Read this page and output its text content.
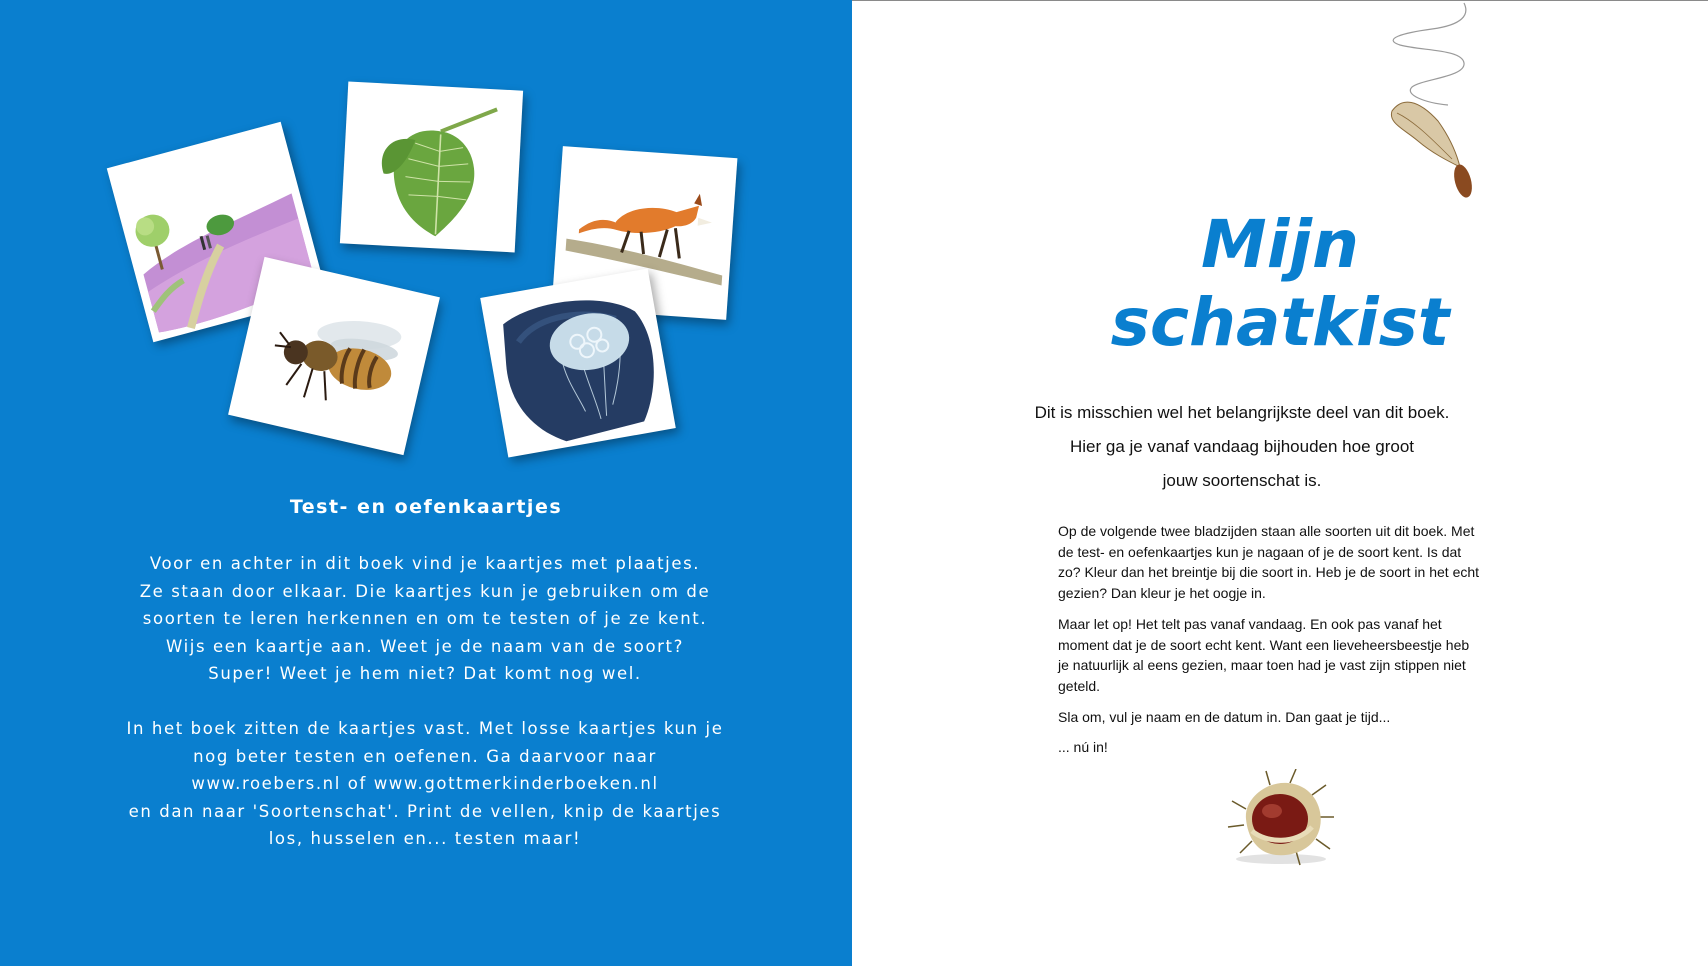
Test- en oefenkaartjes
Voor en achter in dit boek vind je kaartjes met plaatjes.
Ze staan door elkaar. Die kaartjes kun je gebruiken om de
soorten te leren herkennen en om te testen of je ze kent.
Wijs een kaartje aan. Weet je de naam van de soort?
Super! Weet je hem niet? Dat komt nog wel.
In het boek zitten de kaartjes vast. Met losse kaartjes kun je
nog beter testen en oefenen. Ga daarvoor naar
www.roebers.nl of www.gottmerkinderboeken.nl
en dan naar 'Soortenschat'. Print de vellen, knip de kaartjes
los, husselen en... testen maar!
Mijn
schatkist
Dit is misschien wel het belangrijkste deel van dit boek.
Hier ga je vanaf vandaag bijhouden hoe groot
jouw soortenschat is.

Op de volgende twee bladzijden staan alle soorten uit dit boek. Met
de test- en oefenkaartjes kun je nagaan of je de soort kent. Is dat
zo? Kleur dan het breintje bij die soort in. Heb je de soort in het echt
gezien? Dan kleur je het oogje in.

Maar let op! Het telt pas vanaf vandaag. En ook pas vanaf het
moment dat je de soort echt kent. Want een lieveheersbeestje heb
je natuurlijk al eens gezien, maar toen had je vast zijn stippen niet
geteld.

Sla om, vul je naam en de datum in. Dan gaat je tijd...

... nú in!
